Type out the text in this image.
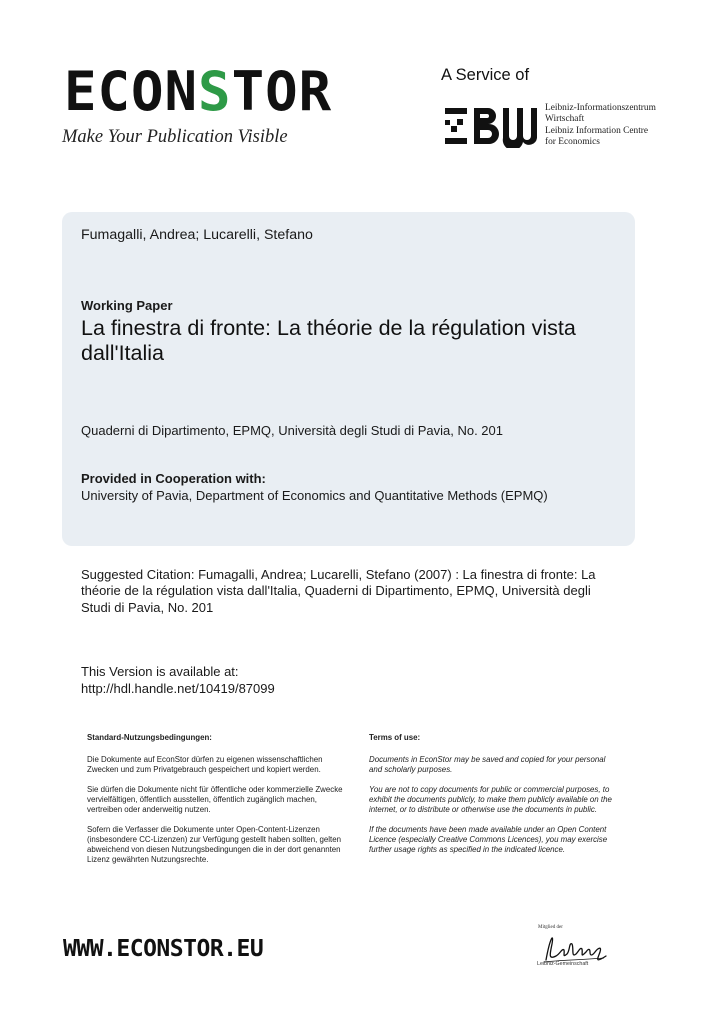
ECONSTOR
Make Your Publication Visible
A Service of
Leibniz-Informationszentrum
Wirtschaft
Leibniz Information Centre
for Economics
Fumagalli, Andrea; Lucarelli, Stefano
Working Paper
La finestra di fronte: La théorie de la régulation vista dall'Italia
Quaderni di Dipartimento, EPMQ, Università degli Studi di Pavia, No. 201
Provided in Cooperation with:
University of Pavia, Department of Economics and Quantitative Methods (EPMQ)
Suggested Citation: Fumagalli, Andrea; Lucarelli, Stefano (2007) : La finestra di fronte: La théorie de la régulation vista dall'Italia, Quaderni di Dipartimento, EPMQ, Università degli Studi di Pavia, No. 201
This Version is available at:
http://hdl.handle.net/10419/87099
Standard-Nutzungsbedingungen:

Die Dokumente auf EconStor dürfen zu eigenen wissenschaftlichen Zwecken und zum Privatgebrauch gespeichert und kopiert werden.

Sie dürfen die Dokumente nicht für öffentliche oder kommerzielle Zwecke vervielfältigen, öffentlich ausstellen, öffentlich zugänglich machen, vertreiben oder anderweitig nutzen.

Sofern die Verfasser die Dokumente unter Open-Content-Lizenzen (insbesondere CC-Lizenzen) zur Verfügung gestellt haben sollten, gelten abweichend von diesen Nutzungsbedingungen die in der dort genannten Lizenz gewährten Nutzungsrechte.

Terms of use:

Documents in EconStor may be saved and copied for your personal and scholarly purposes.

You are not to copy documents for public or commercial purposes, to exhibit the documents publicly, to make them publicly available on the internet, or to distribute or otherwise use the documents in public.

If the documents have been made available under an Open Content Licence (especially Creative Commons Licences), you may exercise further usage rights as specified in the indicated licence.

WWW.ECONSTOR.EU
Mitglied der
Leibniz-Gemeinschaft
